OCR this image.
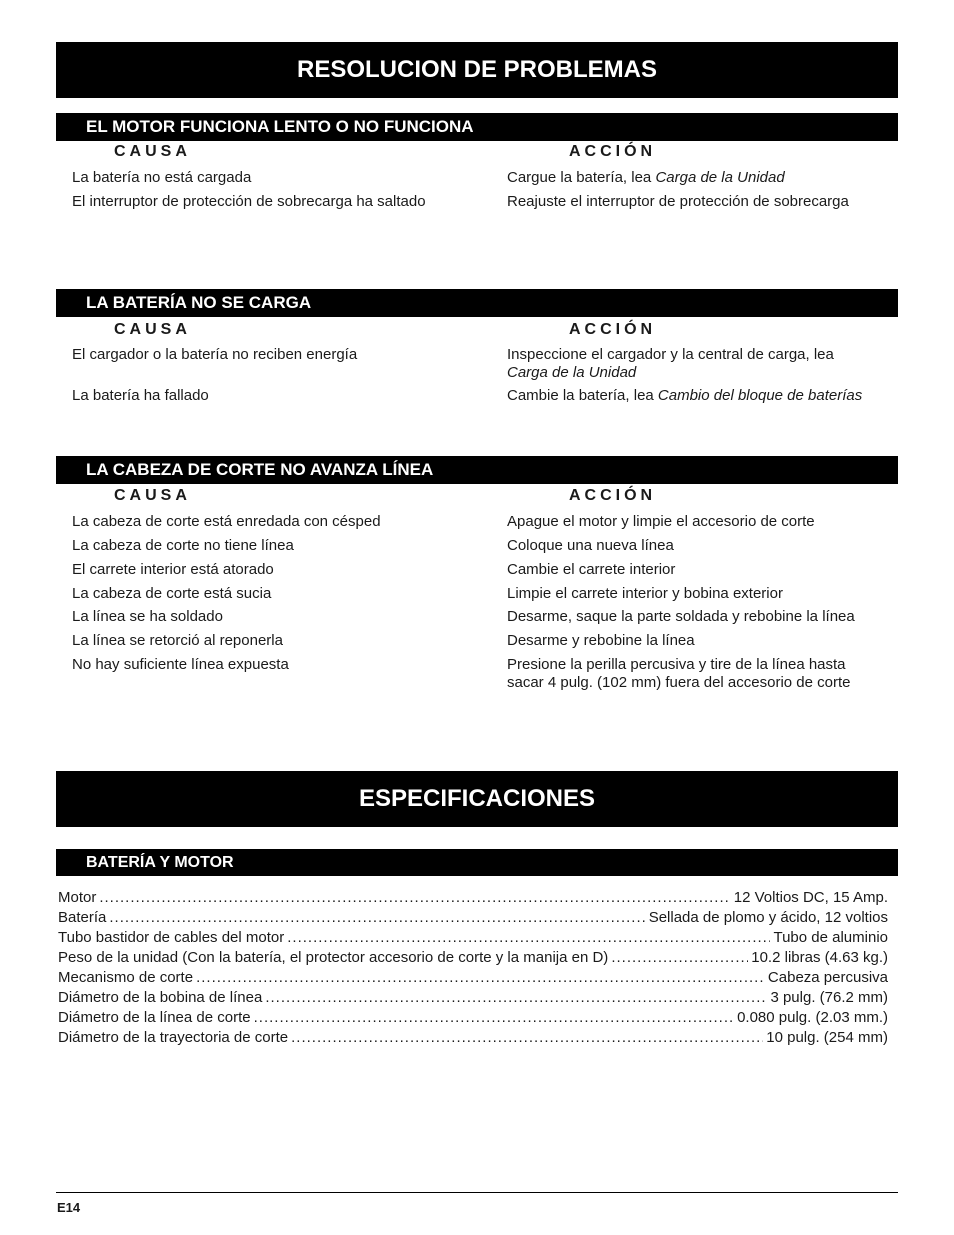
RESOLUCION DE PROBLEMAS
EL MOTOR FUNCIONA LENTO O NO FUNCIONA
CAUSA	ACCIÓN
La batería no está cargada	Cargue la batería, lea Carga de la Unidad
El interruptor de protección de sobrecarga ha saltado	Reajuste el interruptor de protección de sobrecarga
LA BATERÍA NO SE CARGA
CAUSA	ACCIÓN
El cargador o la batería no reciben energía	Inspeccione el cargador y la central de carga, lea
Carga de la Unidad
La batería ha fallado	Cambie la batería, lea Cambio del bloque de baterías
LA CABEZA DE CORTE NO AVANZA LÍNEA
CAUSA	ACCIÓN
La cabeza de corte está enredada con césped	Apague el motor y limpie el accesorio de corte
La cabeza de corte no tiene línea	Coloque una nueva línea
El carrete interior está atorado	Cambie el carrete interior
La cabeza de corte está sucia	Limpie el carrete interior y bobina exterior
La línea se ha soldado	Desarme, saque la parte soldada y rebobine la línea
La línea se retorció al reponerla	Desarme y rebobine la línea
No hay suficiente línea expuesta	Presione la perilla percusiva y tire de la línea hasta
sacar 4 pulg. (102 mm) fuera del accesorio de corte
ESPECIFICACIONES
BATERÍA Y MOTOR
Motor .....	12 Voltios DC, 15 Amp.
Batería .....	Sellada de plomo y ácido, 12 voltios
Tubo bastidor de cables del motor .....	Tubo de aluminio
Peso de la unidad (Con la batería, el protector accesorio de corte y la manija en D) .....	10.2 libras (4.63 kg.)
Mecanismo de corte .....	Cabeza percusiva
Diámetro de la bobina de línea .....	3 pulg. (76.2 mm)
Diámetro de la línea de corte .....	0.080 pulg. (2.03 mm.)
Diámetro de la trayectoria de corte .....	10 pulg. (254 mm)
E14
